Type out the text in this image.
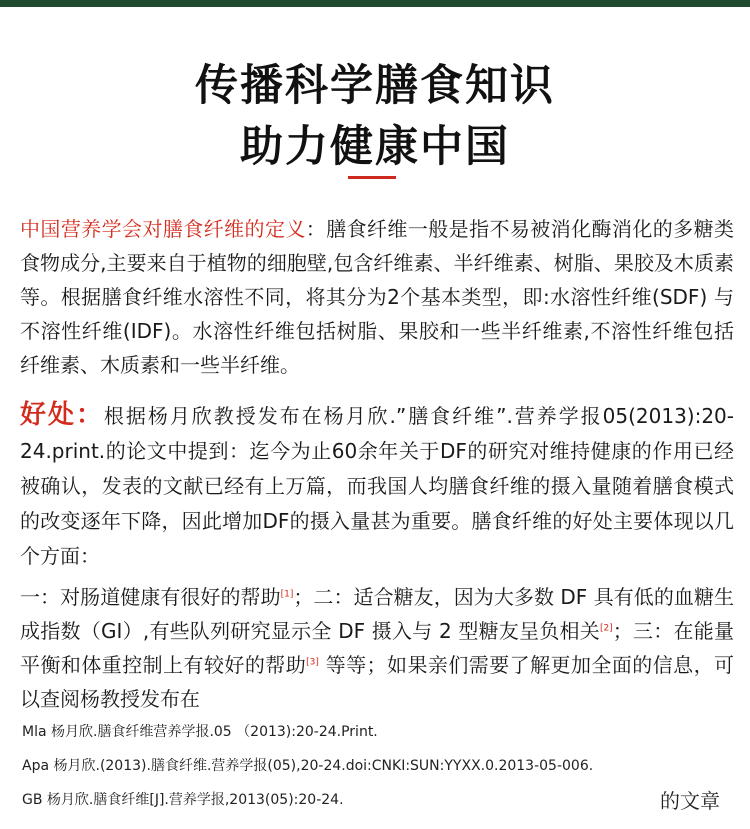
传播科学膳食知识
助力健康中国

中国营养学会对膳食纤维的定义：膳食纤维一般是指不易被消化酶消化的多糖类食物成分,主要来自于植物的细胞壁,包含纤维素、半纤维素、树脂、果胶及木质素等。根据膳食纤维水溶性不同，将其分为2个基本类型，即:水溶性纤维(SDF) 与不溶性纤维(IDF)。水溶性纤维包括树脂、果胶和一些半纤维素,不溶性纤维包括纤维素、木质素和一些半纤维。

好处：根据杨月欣教授发布在杨月欣.”膳食纤维”.营养学报05(2013):20-24.print.的论文中提到：迄今为止60余年关于DF的研究对维持健康的作用已经被确认，发表的文献已经有上万篇，而我国人均膳食纤维的摄入量随着膳食模式的改变逐年下降，因此增加DF的摄入量甚为重要。膳食纤维的好处主要体现以几个方面：

一：对肠道健康有很好的帮助[1]；二：适合糖友，因为大多数 DF 具有低的血糖生成指数（GI）,有些队列研究显示全 DF 摄入与 2 型糖友呈负相关[2]；三：在能量平衡和体重控制上有较好的帮助[3] 等等；如果亲们需要了解更加全面的信息，可以查阅杨教授发布在

Mla 杨月欣.膳食纤维营养学报.05 （2013):20-24.Print.
Apa 杨月欣.(2013).膳食纤维.营养学报(05),20-24.doi:CNKI:SUN:YYXX.0.2013-05-006.
GB 杨月欣.膳食纤维[J].营养学报,2013(05):20-24.	的文章
